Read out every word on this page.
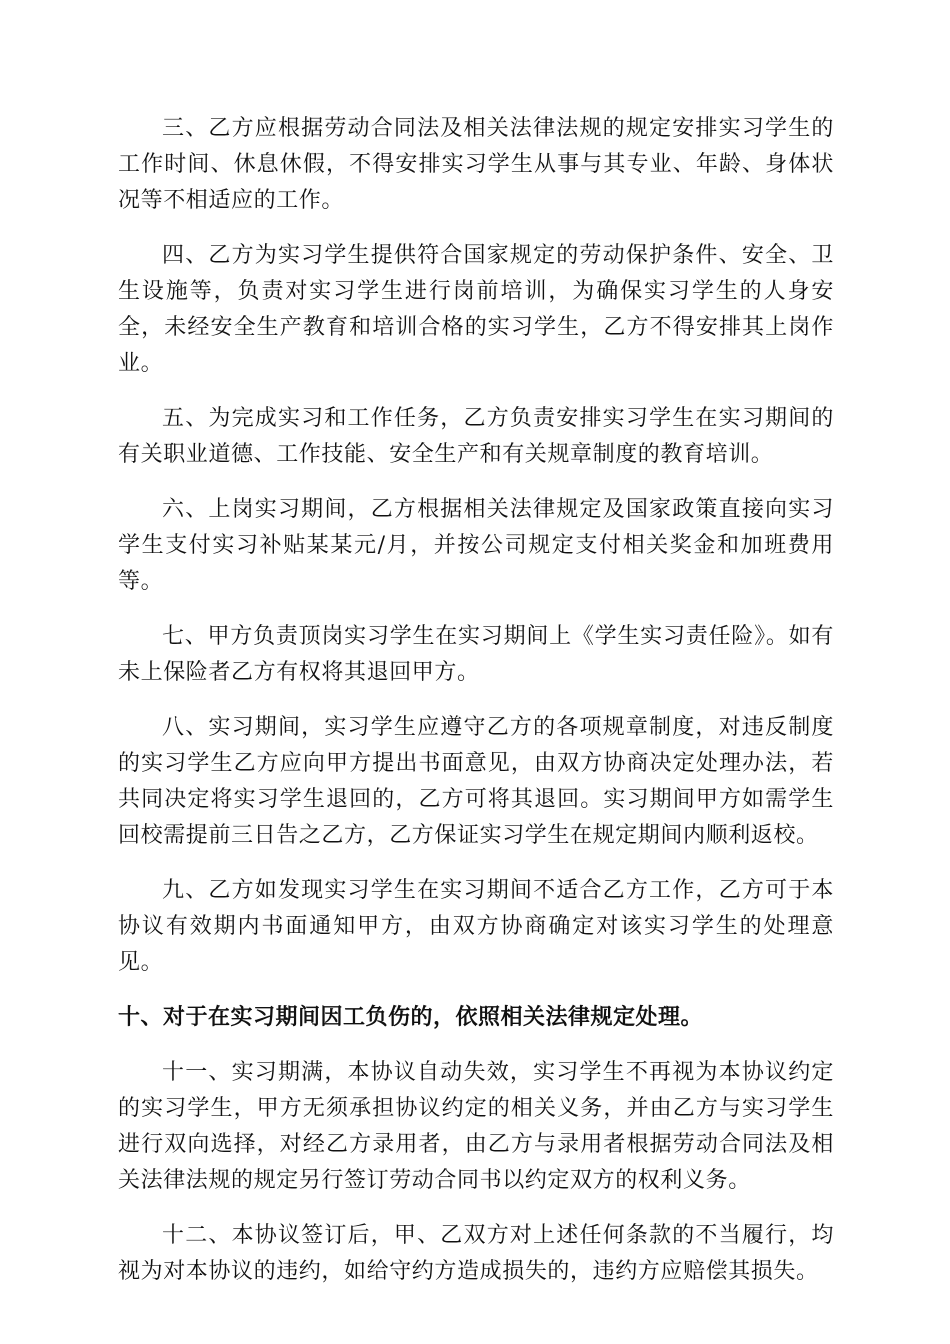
三、乙方应根据劳动合同法及相关法律法规的规定安排实习学生的工作时间、休息休假，不得安排实习学生从事与其专业、年龄、身体状况等不相适应的工作。

四、乙方为实习学生提供符合国家规定的劳动保护条件、安全、卫生设施等，负责对实习学生进行岗前培训，为确保实习学生的人身安全，未经安全生产教育和培训合格的实习学生，乙方不得安排其上岗作业。

五、为完成实习和工作任务，乙方负责安排实习学生在实习期间的有关职业道德、工作技能、安全生产和有关规章制度的教育培训。

六、上岗实习期间，乙方根据相关法律规定及国家政策直接向实习学生支付实习补贴某某元/月，并按公司规定支付相关奖金和加班费用等。

七、甲方负责顶岗实习学生在实习期间上《学生实习责任险》。如有未上保险者乙方有权将其退回甲方。

八、实习期间，实习学生应遵守乙方的各项规章制度，对违反制度的实习学生乙方应向甲方提出书面意见，由双方协商决定处理办法，若共同决定将实习学生退回的，乙方可将其退回。实习期间甲方如需学生回校需提前三日告之乙方，乙方保证实习学生在规定期间内顺利返校。

九、乙方如发现实习学生在实习期间不适合乙方工作，乙方可于本协议有效期内书面通知甲方，由双方协商确定对该实习学生的处理意见。

十、对于在实习期间因工负伤的，依照相关法律规定处理。

十一、实习期满，本协议自动失效，实习学生不再视为本协议约定的实习学生，甲方无须承担协议约定的相关义务，并由乙方与实习学生进行双向选择，对经乙方录用者，由乙方与录用者根据劳动合同法及相关法律法规的规定另行签订劳动合同书以约定双方的权利义务。

十二、本协议签订后，甲、乙双方对上述任何条款的不当履行，均视为对本协议的违约，如给守约方造成损失的，违约方应赔偿其损失。
